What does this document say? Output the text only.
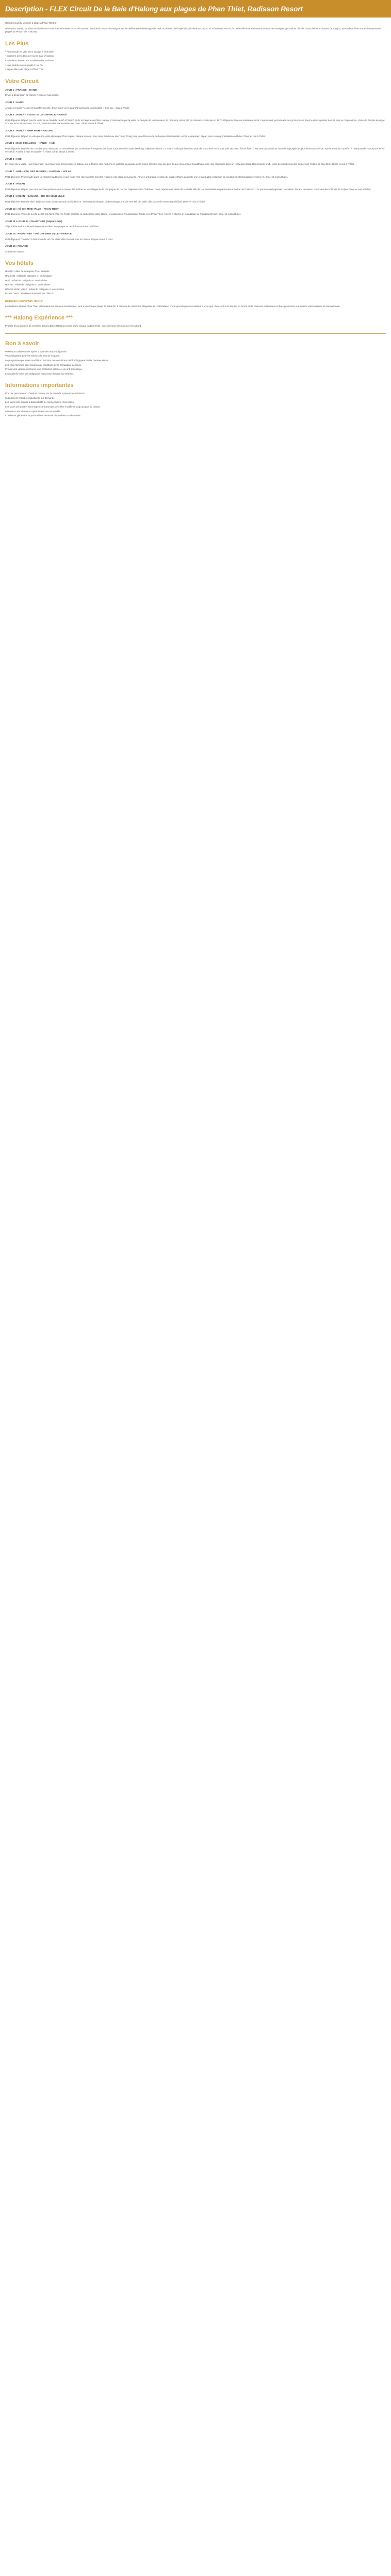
Description - FLEX Circuit De la Baie d'Halong aux plages de Phan Thiet, Radisson Resort

Grand circuit du Vietnam à plage à Phan Thiet 4*

Découvrez Hanoi, sa triste ambivalence et ses vues étonnées. Vous découvrirez Ninh Binh, avant de naviguer sur la célèbre Baie d'Halong Puis Hué, ancienne Cité impériale, à l'allure de Japon. Et la fameuse Hoi An, la petite ville très ancienne au coeur des vestiges japonais et chinois. Vous visitez le charme de Saïgon, avant de profiter sur les somptueuses plages de Phan Thiet - Mui Ne.

Les Plus
• Promenade en vélo et en barque à Ninh Binh
• Croisière avec déjeuner sur la Baie d'Halong
• Balade en bateau sur la Rivière des Parfums
• Une journée à vélo guidé à Hoi An
• Séjour libre à la plage à Phan Thiet
Votre Circuit
JOUR 1 : FRANCE – HANOI

Envol à destination de Hanoï. Repas et nuit à bord.

JOUR 2 : HANOI

Arrivée à Hanoï. Accueil et transfert en ville. Dîner dans un restaurant local avec la spécialité « Cha Ca ». Nuit à l'hôtel.

JOUR 3 : HANOÏ – VISITE DE LA CAPITALE – HANOÏ

Petit-déjeuner. Départ pour la visite de la citadelle de Hô Chi Minh et de la Pagode au Pilier Unique. Continuation par la visite du Temple de la Littérature, la première Université du Vietnam construite en 1070. Déjeuner dans un restaurant local. L'après-midi, promenade en cyclo-pousse dans le vieux quartier des 36 rues et corporations. Visite du Temple de Ngoc Son sur le lac Hoan Kiem. Le soir, spectacle des Marionnettes sur l'eau. Dîner et nuit à l'hôtel.

JOUR 4 : HANOÏ – NINH BINH – HALONG

Petit-déjeuner. Départ en vélo pour la visite du temple Thai Vi puis, barque en vélo, pour nous rendre au site Trang Trong pour une découverte en barque traditionnelle. Après le déjeuner, départ pour Halong. Installation à l'hôtel. Dîner et nuit à l'hôtel.

JOUR 5 : BAIE D'HALONG – HANOÏ – HUÉ

Petit-déjeuner. Matinée de croisière pour découvrir ce merveilleux site touristique émergeant des eaux turquoise de la Baie d'Halong. Déjeuner à bord. Le Baie d'Halong s'étend sur plus de 1 500 km² et compte près de 2 000 îles et îlots. C'est sans aucun doute l'un des paysages les plus étonnants d'Asie. Après le retour, transfert à l'aéroport de Hanoï pour le vol vers Hué. Arrivée à Hué et transfert à l'hôtel. Dîner et nuit à l'hôtel.

JOUR 6 : HUÉ

En cours de la visite, Hué l'impériale, vous ferez une promenade en bateau sur la Rivière des Parfums et visiterez la pagode de la Dame Céleste, l'un des plus beaux monuments bouddhiques de Hué. Déjeuner dans un restaurant local. Dans l'après-midi, visite des tombeaux des empereurs Tu Duc et Khai Dinh. Dîner et nuit à l'hôtel.

JOUR 7 : HUÉ – COL DES NUAGES – DANANG – HOI AN

Petit-déjeuner. Promenade dans un marché traditionnel, puis route vers Hoi An par le Col des Nuages et la plage de Lang Co. Arrivée à Danang et visite du musée Cham qui abrite une remarquable collection de sculptures. Continuation vers Hoi An. Dîner et nuit à l'hôtel.

JOUR 8 : HOI AN

Petit-déjeuner. Départ pour une journée guidée à vélo à travers les rizières et les villages de la campagne de Hoi An. Déjeuner chez l'habitant. Dans l'après-midi, visite de la vieille ville de Hoi An classée au patrimoine mondial de l'UNESCO : le pont couvert japonais, la maison Tan Ky, la maison commune des Chinois de Fujian. Dîner et nuit à l'hôtel.

JOUR 9 : HOI AN – DANANG – HÔ CHI MINH VILLE

Petit-déjeuner. Matinée libre. Déjeuner dans un restaurant local à Hoi An. Transfert à l'aéroport de Danang pour le vol vers Hô Chi Minh Ville. Accueil et transfert à l'hôtel. Dîner et nuit à l'hôtel.

JOUR 10 : HÔ CHI MINH VILLE – PHAN THIET

Petit-déjeuner. Visite de la ville de Hô Chi Minh Ville : la Poste centrale, la cathédrale Notre-Dame, le palais de la Réunification. Route vers Phan Thiet. Arrivée à Mui Ne et installation au Radisson Resort. Dîner et nuit à l'hôtel.

JOUR 11 à JOUR 14 : PHAN THIET (Séjour Libre)

Séjour libre en formule petit-déjeuner. Profitez des plages et des infrastructures de l'hôtel.

JOUR 15 : PHAN THIET – HÔ CHI MINH VILLE – FRANCE

Petit-déjeuner. Transfert à l'aéroport de Hô Chi Minh Ville et envol pour la France. Repas et nuit à bord.

JOUR 16 : FRANCE

Arrivée en France.

Vos hôtels
HANOÏ : Hôtel de catégorie 4* ou similaire
HALONG : Hôtel de catégorie 4* ou similaire
HUÉ : Hôtel de catégorie 4* ou similaire
HOI AN : Hôtel de catégorie 4* ou similaire
HÔ CHI MINH VILLE : Hôtel de catégorie 4* ou similaire
PHAN THIET : Radisson Resort Phan Thiet 4*
Radisson Resort Phan Thiet 4*

Le Radisson Resort Phan Thiet est idéalement situé en bord de mer, face à une longue plage de sable fin. Il dispose de chambres élégantes et confortables, d'une grande piscine extérieure, d'un spa, d'un centre de remise en forme et de plusieurs restaurants et bars proposant une cuisine vietnamienne et internationale.

*** Halong Expérience ***

Profitez d'une journée de croisière dans la Baie d'Halong à bord d'une jonque traditionnelle, avec déjeuner de fruits de mer à bord.

Bon à savoir
Passeport valide 6 mois après la date de retour obligatoire.
Visa obligatoire pour les séjours de plus de 45 jours.
Le programme peut être modifié en fonction des conditions météorologiques et des horaires de vol.
Les vols intérieurs sont soumis aux conditions de la compagnie aérienne.
Prévoir des vêtements légers, une protection solaire et un anti-moustique.
Le pourboire n'est pas obligatoire mais reste d'usage au Vietnam.
Informations importantes
Prix par personne en chambre double, sur la base de 2 personnes minimum.
Supplément chambre individuelle sur demande.
Les tarifs sont soumis à disponibilité au moment de la réservation.
Les taxes aéroport et surcharges carburant peuvent être modifiées jusqu'au jour du départ.
Assurance annulation et rapatriement recommandée.
Conditions générales et particulières de vente disponibles sur demande.
